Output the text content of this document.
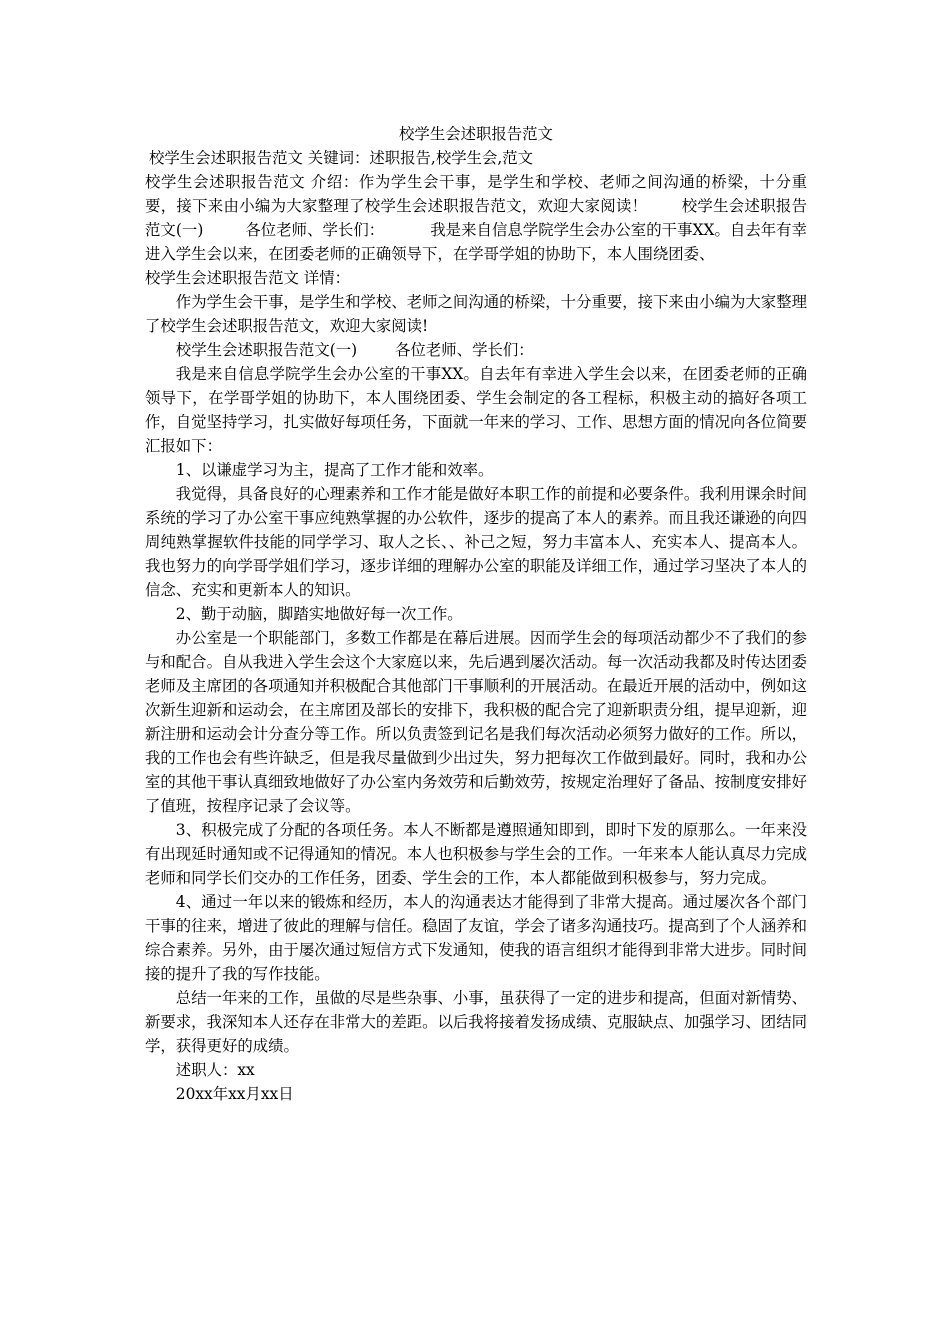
校学生会述职报告范文

校学生会述职报告范文 关键词：述职报告,校学生会,范文

校学生会述职报告范文 介绍：作为学生会干事，是学生和学校、老师之间沟通的桥梁，十分重要，接下来由小编为大家整理了校学生会述职报告范文，欢迎大家阅读！ 校学生会述职报告范文(一)	各位老师、学长们：	我是来自信息学院学生会办公室的干事XX。自去年有幸进入学生会以来，在团委老师的正确领导下，在学哥学姐的协助下，本人围绕团委、

校学生会述职报告范文 详情：

作为学生会干事，是学生和学校、老师之间沟通的桥梁，十分重要，接下来由小编为大家整理了校学生会述职报告范文，欢迎大家阅读!

校学生会述职报告范文(一) 各位老师、学长们：

我是来自信息学院学生会办公室的干事XX。自去年有幸进入学生会以来，在团委老师的正确领导下，在学哥学姐的协助下，本人围绕团委、学生会制定的各工程标，积极主动的搞好各项工作，自觉坚持学习，扎实做好每项任务，下面就一年来的学习、工作、思想方面的情况向各位简要汇报如下：

1、以谦虚学习为主，提高了工作才能和效率。

我觉得，具备良好的心理素养和工作才能是做好本职工作的前提和必要条件。我利用课余时间系统的学习了办公室干事应纯熟掌握的办公软件，逐步的提高了本人的素养。而且我还谦逊的向四周纯熟掌握软件技能的同学学习、取人之长、、补己之短，努力丰富本人、充实本人、提高本人。我也努力的向学哥学姐们学习，逐步详细的理解办公室的职能及详细工作，通过学习坚决了本人的信念、充实和更新本人的知识。

2、勤于动脑，脚踏实地做好每一次工作。

办公室是一个职能部门，多数工作都是在幕后进展。因而学生会的每项活动都少不了我们的参与和配合。自从我进入学生会这个大家庭以来，先后遇到屡次活动。每一次活动我都及时传达团委老师及主席团的各项通知并积极配合其他部门干事顺利的开展活动。在最近开展的活动中，例如这次新生迎新和运动会，在主席团及部长的安排下，我积极的配合完了迎新职责分组，提早迎新，迎新注册和运动会计分查分等工作。所以负责签到记名是我们每次活动必须努力做好的工作。所以，我的工作也会有些许缺乏，但是我尽量做到少出过失，努力把每次工作做到最好。同时，我和办公室的其他干事认真细致地做好了办公室内务效劳和后勤效劳，按规定治理好了备品、按制度安排好了值班，按程序记录了会议等。

3、积极完成了分配的各项任务。本人不断都是遵照通知即到，即时下发的原那么。一年来没有出现延时通知或不记得通知的情况。本人也积极参与学生会的工作。一年来本人能认真尽力完成老师和同学长们交办的工作任务，团委、学生会的工作，本人都能做到积极参与，努力完成。

4、通过一年以来的锻炼和经历，本人的沟通表达才能得到了非常大提高。通过屡次各个部门干事的往来，增进了彼此的理解与信任。稳固了友谊，学会了诸多沟通技巧。提高到了个人涵养和综合素养。另外，由于屡次通过短信方式下发通知，使我的语言组织才能得到非常大进步。同时间接的提升了我的写作技能。

总结一年来的工作，虽做的尽是些杂事、小事，虽获得了一定的进步和提高，但面对新情势、新要求，我深知本人还存在非常大的差距。以后我将接着发扬成绩、克服缺点、加强学习、团结同学，获得更好的成绩。

述职人：xx

20xx年xx月xx日
